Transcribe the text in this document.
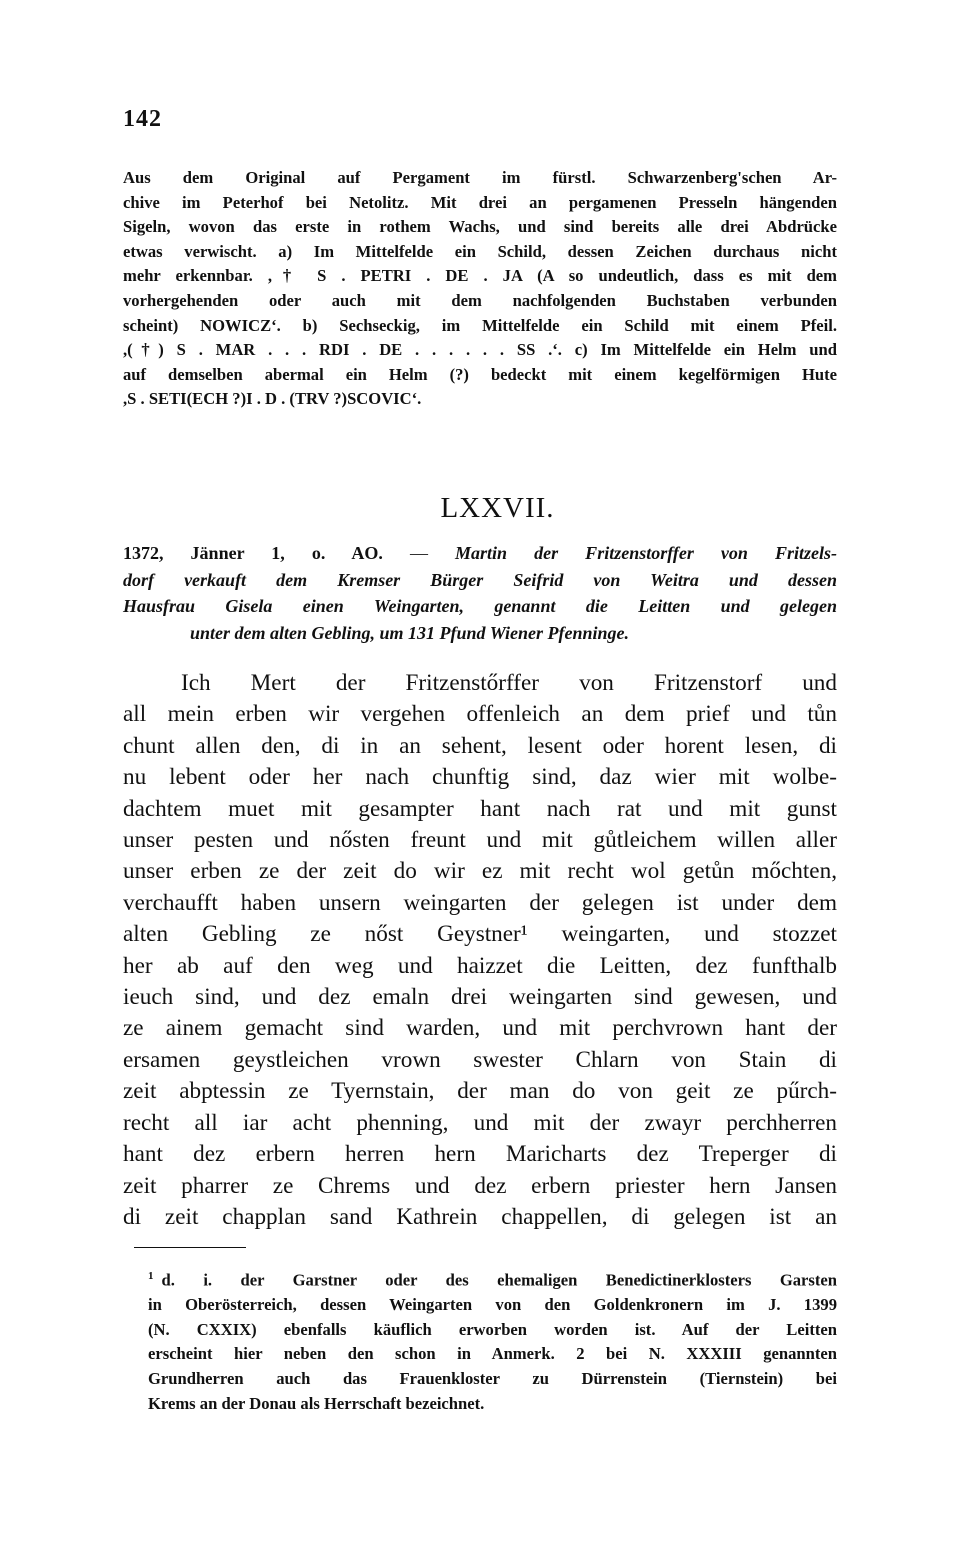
142
Aus dem Original auf Pergament im fürstl. Schwarzenberg'schen Ar-
chive im Peterhof bei Netolitz. Mit drei an pergamenen Presseln hängenden
Sigeln, wovon das erste in rothem Wachs, und sind bereits alle drei Abdrücke
etwas verwischt. a) Im Mittelfelde ein Schild, dessen Zeichen durchaus nicht
mehr erkennbar. ,† S . PETRI . DE . JA (A so undeutlich, dass es mit dem
vorhergehenden oder auch mit dem nachfolgenden Buchstaben verbunden
scheint) NOWICZ‘. b) Sechseckig, im Mittelfelde ein Schild mit einem Pfeil.
,(†) S . MAR . . . RDI . DE . . . . . . SS .‘. c) Im Mittelfelde ein Helm und
auf demselben abermal ein Helm (?) bedeckt mit einem kegelförmigen Hute
,S . SETI(ECH ?)I . D . (TRV ?)SCOVIC‘.
LXXVII.
1372, Jänner 1, o. AO. — Martin der Fritzenstorffer von Fritzels-
dorf verkauft dem Kremser Bürger Seifrid von Weitra und dessen
Hausfrau Gisela einen Weingarten, genannt die Leitten und gelegen
unter dem alten Gebling, um 131 Pfund Wiener Pfenninge.
Ich Mert der Fritzenstőrffer von Fritzenstorf und
all mein erben wir vergehen offenleich an dem prief und tůn
chunt allen den, di in an sehent, lesent oder horent lesen, di
nu lebent oder her nach chunftig sind, daz wier mit wolbe-
dachtem muet mit gesampter hant nach rat und mit gunst
unser pesten und nősten freunt und mit gůtleichem willen aller
unser erben ze der zeit do wir ez mit recht wol getůn mőchten,
verchaufft haben unsern weingarten der gelegen ist under dem
alten Gebling ze nőst Geystner¹ weingarten, und stozzet
her ab auf den weg und haizzet die Leitten, dez funfthalb
ieuch sind, und dez emaln drei weingarten sind gewesen, und
ze ainem gemacht sind warden, und mit perchvrown hant der
ersamen geystleichen vrown swester Chlarn von Stain di
zeit abptessin ze Tyernstain, der man do von geit ze pűrch-
recht all iar acht phenning, und mit der zwayr perchherren
hant dez erbern herren hern Maricharts dez Treperger di
zeit pharrer ze Chrems und dez erbern priester hern Jansen
di zeit chapplan sand Kathrein chappellen, di gelegen ist an
$^1$ d. i. der Garstner oder des ehemaligen Benedictinerklosters Garsten
in Oberösterreich, dessen Weingarten von den Goldenkronern im J. 1399
(N. CXXIX) ebenfalls käuflich erworben worden ist. Auf der Leitten
erscheint hier neben den schon in Anmerk. 2 bei N. XXXIII genannten
Grundherren auch das Frauenkloster zu Dürrenstein (Tiernstein) bei
Krems an der Donau als Herrschaft bezeichnet.
